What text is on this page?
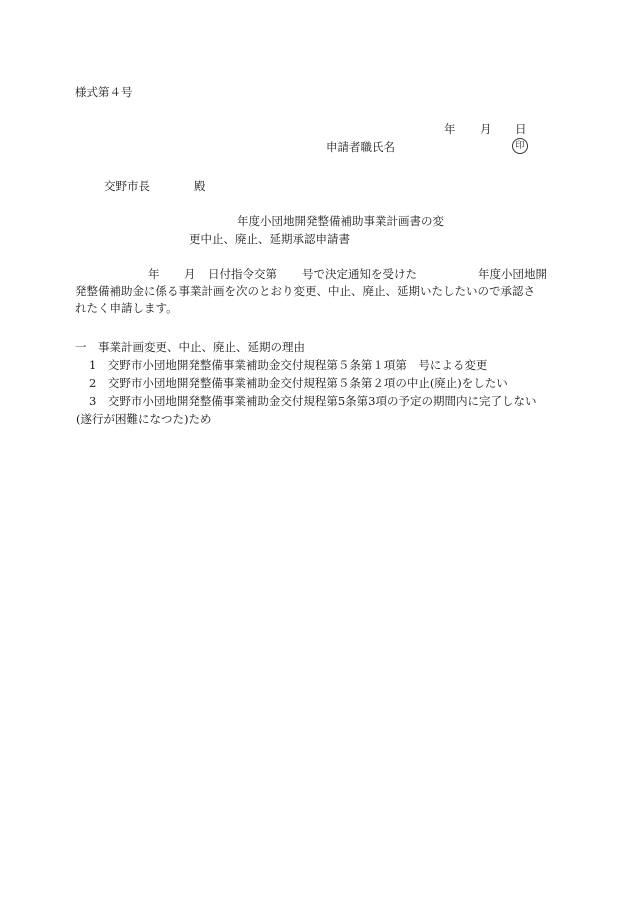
様式第４号
年 月 日
申請者職氏名	印
交野市長	殿
年度小団地開発整備補助事業計画書の変
更中止、廃止、延期承認申請書
年 月 日付指令交第 号で決定通知を受けた	年度小団地開
発整備補助金に係る事業計画を次のとおり変更、中止、廃止、延期いたしたいので承認さ
れたく申請します。
一　事業計画変更、中止、廃止、延期の理由
1　交野市小団地開発整備事業補助金交付規程第５条第１項第　号による変更
2　交野市小団地開発整備事業補助金交付規程第５条第２項の中止(廃止)をしたい
3　交野市小団地開発整備事業補助金交付規程第5条第3項の予定の期間内に完了しない
(遂行が困難になつた)ため
